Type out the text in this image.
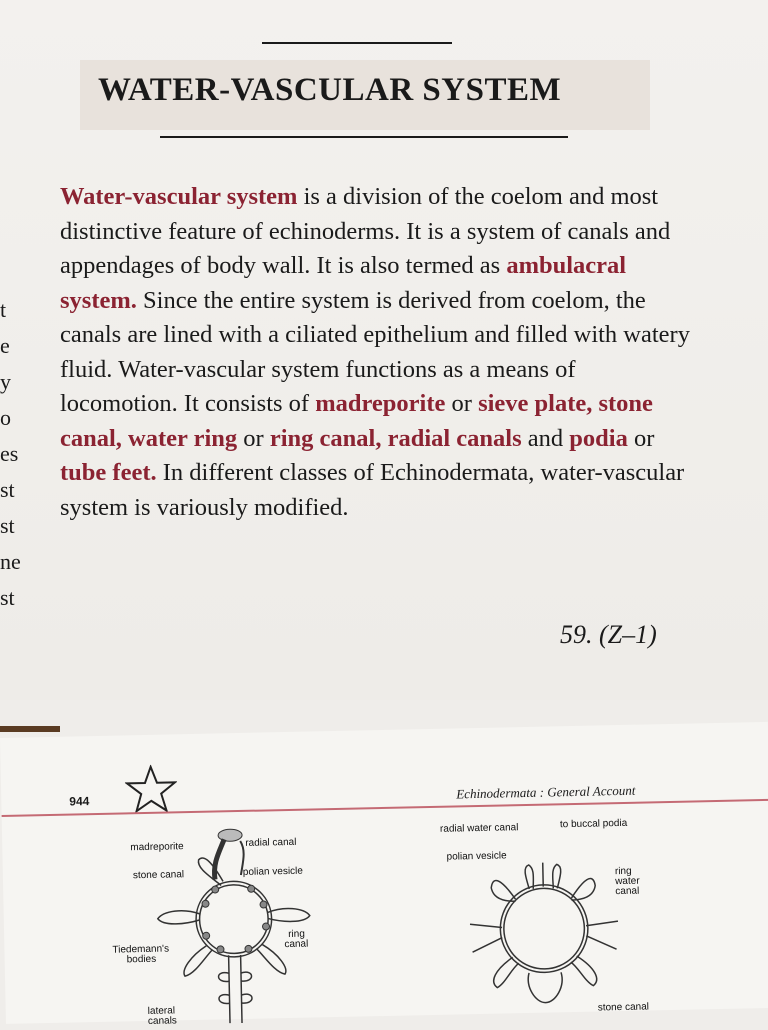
WATER-VASCULAR SYSTEM

Water-vascular system is a division of the coelom and most distinctive feature of echinoderms. It is a system of canals and appendages of body wall. It is also termed as ambulacral system. Since the entire system is derived from coelom, the canals are lined with a ciliated epithelium and filled with watery fluid. Water-vascular system functions as a means of locomotion. It consists of madreporite or sieve plate, stone canal, water ring or ring canal, radial canals and podia or tube feet. In different classes of Echinodermata, water-vascular system is variously modified.

59. (Z–1)
t
e
y
o
es
st
st
ne
st
944	Echinodermata : General Account
madreporite	radial canal
stone canal	polian vesicle
ring
canal
Tiedemann's
bodies
lateral
canals
radial water canal	to buccal podia
polian vesicle
ring
water
canal
stone canal
